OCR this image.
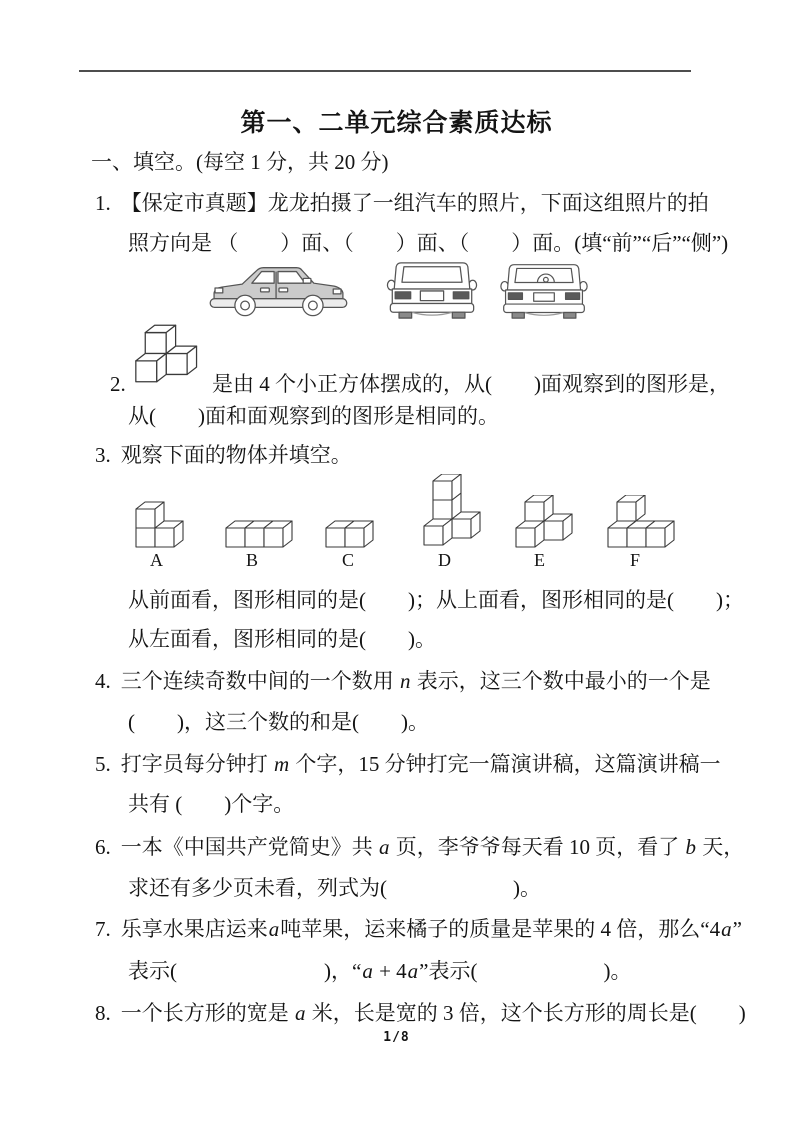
第一、二单元综合素质达标
一、填空。(每空 1 分，共 20 分)
1. 【保定市真题】龙龙拍摄了一组汽车的照片，下面这组照片的拍
照方向是 （　　）面、（　　）面、（　　）面。(填“前”“后”“侧”)
2.	是由 4 个小正方体摆成的，从(　　)面观察到的图形是，
从(　　)面和面观察到的图形是相同的。
3. 观察下面的物体并填空。
A	B	C	D	E	F
从前面看，图形相同的是(　　)；从上面看，图形相同的是(　　)；
从左面看，图形相同的是(　　)。
4. 三个连续奇数中间的一个数用 n 表示，这三个数中最小的一个是
(　　)，这三个数的和是(　　)。
5. 打字员每分钟打 m 个字，15 分钟打完一篇演讲稿，这篇演讲稿一
共有 (　　)个字。
6. 一本《中国共产党简史》共 a 页，李爷爷每天看 10 页，看了 b 天，
求还有多少页未看，列式为(　　　　　　)。
7. 乐享水果店运来a吨苹果，运来橘子的质量是苹果的 4 倍，那么“4a”
表示(　　　　　　　)，“a + 4a”表示(　　　　　　)。
8. 一个长方形的宽是 a 米，长是宽的 3 倍，这个长方形的周长是(　　)
1/8
